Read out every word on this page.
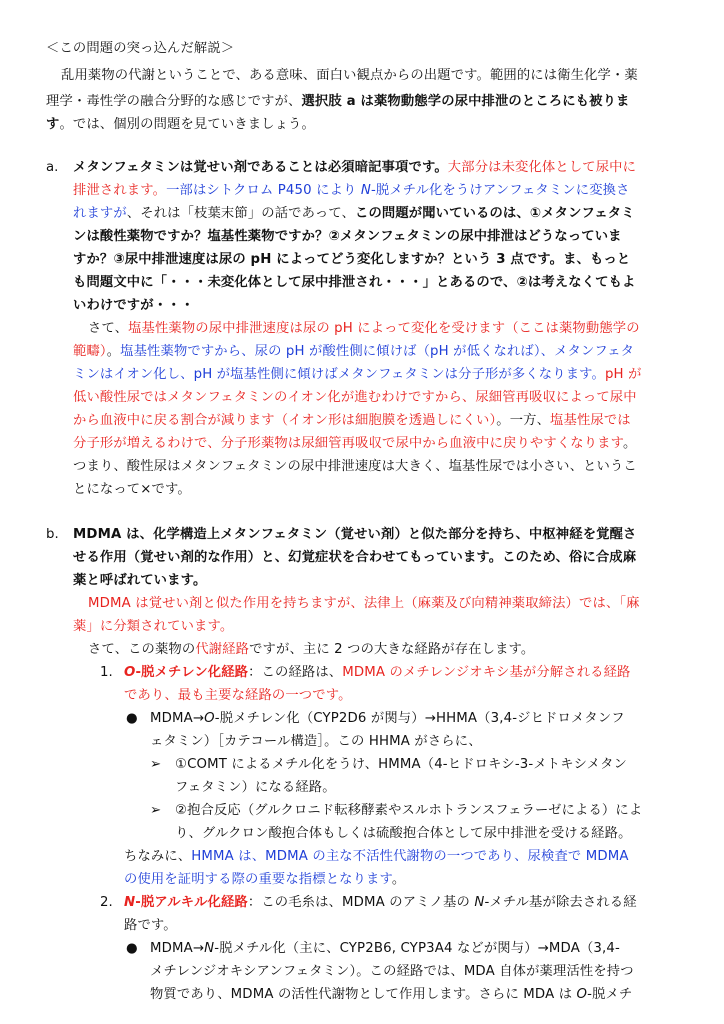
＜この問題の突っ込んだ解説＞
乱用薬物の代謝ということで、ある意味、面白い観点からの出題です。範囲的には衛生化学・薬
理学・毒性学の融合分野的な感じですが、選択肢 a は薬物動態学の尿中排泄のところにも被りま
す。では、個別の問題を見ていきましょう。
a. メタンフェタミンは覚せい剤であることは必須暗記事項です。大部分は未変化体として尿中に
排泄されます。一部はシトクロム P450 により N-脱メチル化をうけアンフェタミンに変換さ
れますが、それは「枝葉末節」の話であって、この問題が聞いているのは、①メタンフェタミ
ンは酸性薬物ですか？塩基性薬物ですか？②メタンフェタミンの尿中排泄はどうなっていま
すか？③尿中排泄速度は尿の pH によってどう変化しますか？という 3 点です。ま、もっと
も問題文中に「・・・未変化体として尿中排泄され・・・」とあるので、②は考えなくてもよ
いわけですが・・・
さて、塩基性薬物の尿中排泄速度は尿の pH によって変化を受けます（ここは薬物動態学の
範疇）。塩基性薬物ですから、尿の pH が酸性側に傾けば（pH が低くなれば）、メタンフェタ
ミンはイオン化し、pH が塩基性側に傾けばメタンフェタミンは分子形が多くなります。pH が
低い酸性尿ではメタンフェタミンのイオン化が進むわけですから、尿細管再吸収によって尿中
から血液中に戻る割合が減ります（イオン形は細胞膜を透過しにくい）。一方、塩基性尿では
分子形が増えるわけで、分子形薬物は尿細管再吸収で尿中から血液中に戻りやすくなります。
つまり、酸性尿はメタンフェタミンの尿中排泄速度は大きく、塩基性尿では小さい、というこ
とになって×です。
b. MDMA は、化学構造上メタンフェタミン（覚せい剤）と似た部分を持ち、中枢神経を覚醒さ
せる作用（覚せい剤的な作用）と、幻覚症状を合わせてもっています。このため、俗に合成麻
薬と呼ばれています。
MDMA は覚せい剤と似た作用を持ちますが、法律上（麻薬及び向精神薬取締法）では、「麻
薬」に分類されています。
さて、この薬物の代謝経路ですが、主に 2 つの大きな経路が存在します。
1. O-脱メチレン化経路：この経路は、MDMA のメチレンジオキシ基が分解される経路
であり、最も主要な経路の一つです。
● MDMA→O-脱メチレン化（CYP2D6 が関与）→HHMA（3,4-ジヒドロメタンフ
ェタミン）［カテコール構造］。この HHMA がさらに、
➢ ①COMT によるメチル化をうけ、HMMA（4-ヒドロキシ-3-メトキシメタン
フェタミン）になる経路。
➢ ②抱合反応（グルクロニド転移酵素やスルホトランスフェラーゼによる）によ
り、グルクロン酸抱合体もしくは硫酸抱合体として尿中排泄を受ける経路。
ちなみに、HMMA は、MDMA の主な不活性代謝物の一つであり、尿検査で MDMA
の使用を証明する際の重要な指標となります。
2. N-脱アルキル化経路：この毛糸は、MDMA のアミノ基の N-メチル基が除去される経
路です。
● MDMA→N-脱メチル化（主に、CYP2B6, CYP3A4 などが関与）→MDA（3,4-
メチレンジオキシアンフェタミン）。この経路では、MDA 自体が薬理活性を持つ
物質であり、MDMA の活性代謝物として作用します。さらに MDA は O-脱メチ
